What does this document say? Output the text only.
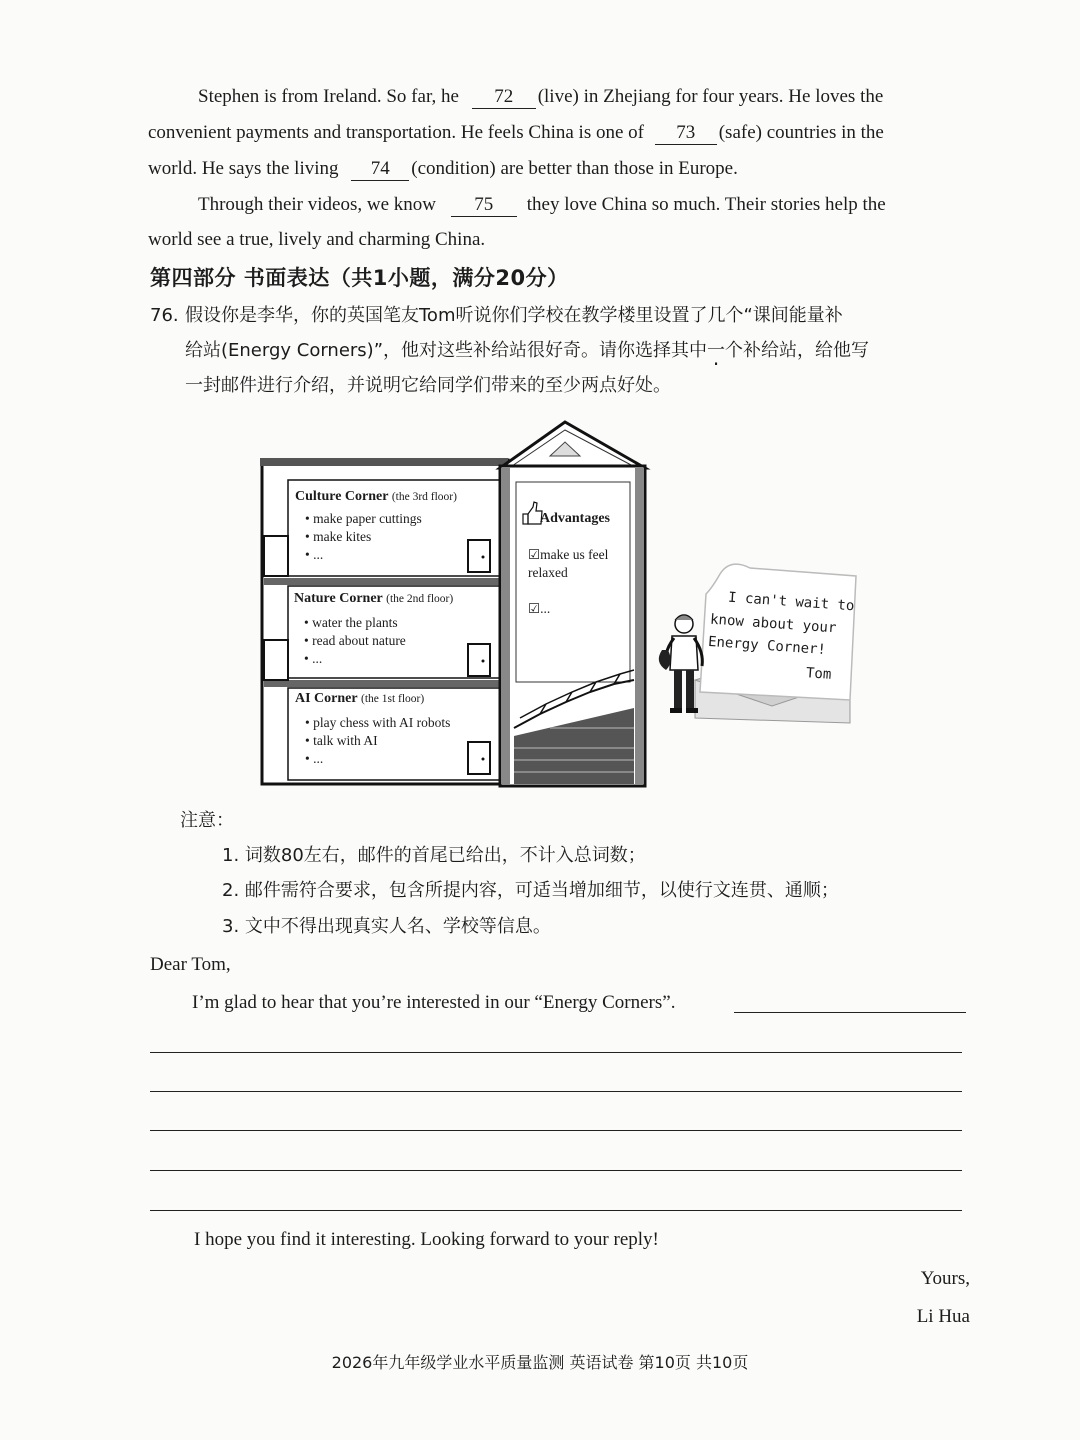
Stephen is from Ireland. So far, he 72 (live) in Zhejiang for four years. He loves the
convenient payments and transportation. He feels China is one of 73 (safe) countries in the
world. He says the living 74 (condition) are better than those in Europe.
Through their videos, we know 75 they love China so much. Their stories help the
world see a true, lively and charming China.
第四部分 书面表达（共1小题，满分20分）
76. 假设你是李华，你的英国笔友Tom听说你们学校在教学楼里设置了几个“课间能量补
给站(Energy Corners)”，他对这些补给站很好奇。请你选择其中一个补给站，给他写
一封邮件进行介绍，并说明它给同学们带来的至少两点好处。
Culture Corner (the 3rd floor)
• make paper cuttings
• make kites
• ...
Nature Corner (the 2nd floor)
• water the plants
• read about nature
• ...
AI Corner (the 1st floor)
• play chess with AI robots
• talk with AI
• ...
Advantages
☑make us feel
relaxed
☑...	I can't wait to
know about your
Energy Corner!
Tom
注意：
1. 词数80左右，邮件的首尾已给出，不计入总词数；
2. 邮件需符合要求，包含所提内容，可适当增加细节，以使行文连贯、通顺；
3. 文中不得出现真实人名、学校等信息。
Dear Tom,
I’m glad to hear that you’re interested in our “Energy Corners”.
I hope you find it interesting. Looking forward to your reply!
Yours,
Li Hua
2026年九年级学业水平质量监测 英语试卷 第10页 共10页
